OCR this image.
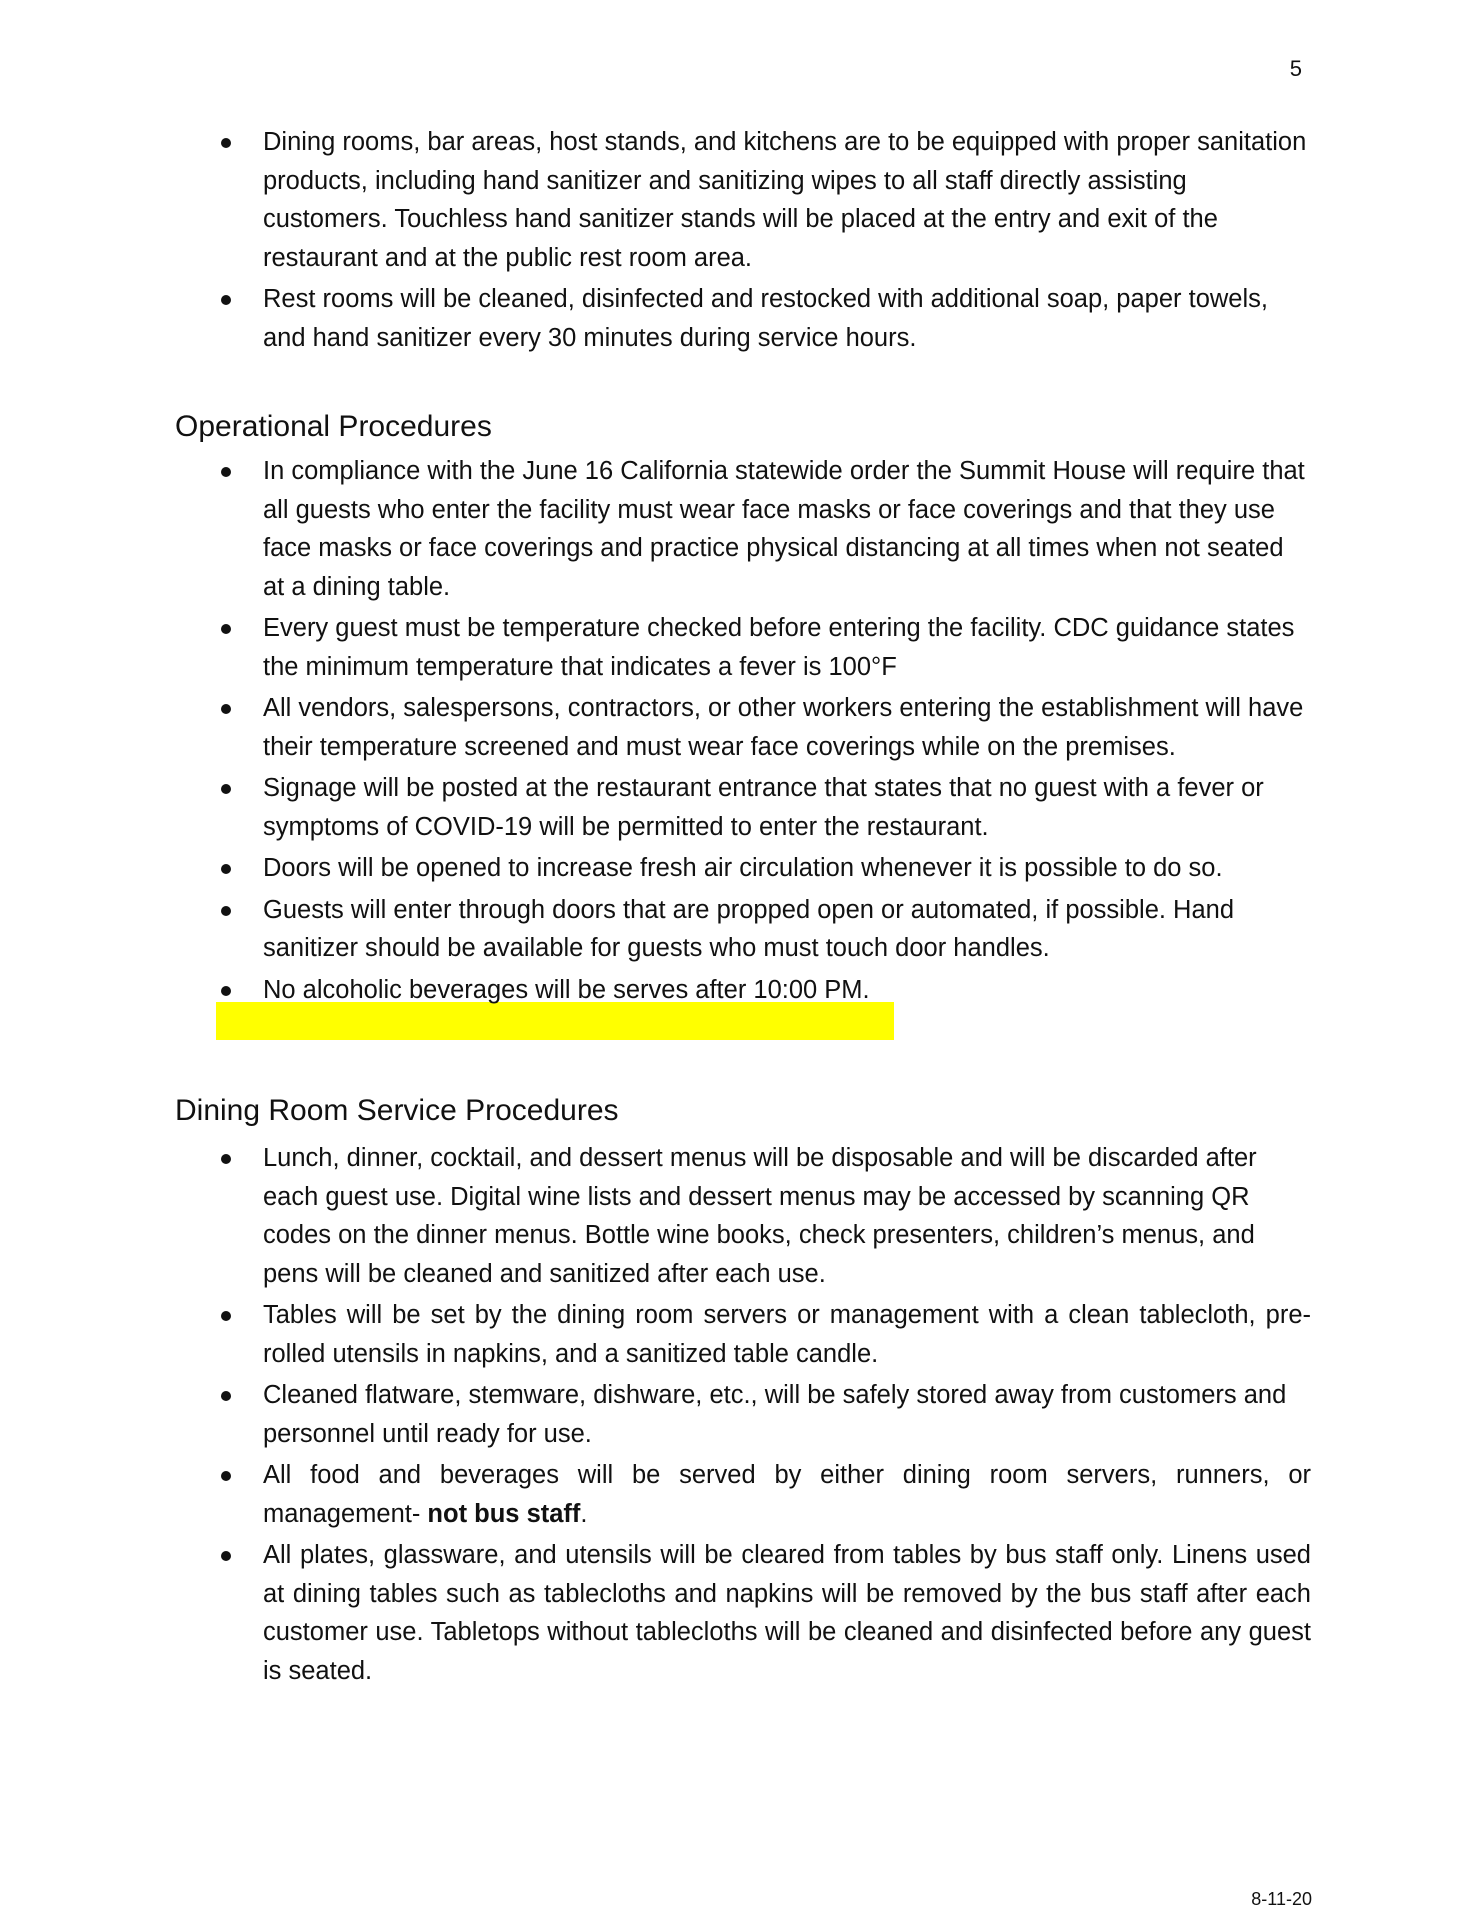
5
Dining rooms, bar areas, host stands, and kitchens are to be equipped with proper sanitation products, including hand sanitizer and sanitizing wipes to all staff directly assisting customers. Touchless hand sanitizer stands will be placed at the entry and exit of the restaurant and at the public rest room area.
Rest rooms will be cleaned, disinfected and restocked with additional soap, paper towels, and hand sanitizer every 30 minutes during service hours.
Operational Procedures
In compliance with the June 16 California statewide order the Summit House will require that all guests who enter the facility must wear face masks or face coverings and that they use face masks or face coverings and practice physical distancing at all times when not seated at a dining table.
Every guest must be temperature checked before entering the facility. CDC guidance states the minimum temperature that indicates a fever is 100°F
All vendors, salespersons, contractors, or other workers entering the establishment will have their temperature screened and must wear face coverings while on the premises.
Signage will be posted at the restaurant entrance that states that no guest with a fever or symptoms of COVID-19 will be permitted to enter the restaurant.
Doors will be opened to increase fresh air circulation whenever it is possible to do so.
Guests will enter through doors that are propped open or automated, if possible. Hand sanitizer should be available for guests who must touch door handles.
No alcoholic beverages will be serves after 10:00 PM.
Dining Room Service Procedures
Lunch, dinner, cocktail, and dessert menus will be disposable and will be discarded after each guest use. Digital wine lists and dessert menus may be accessed by scanning QR codes on the dinner menus. Bottle wine books, check presenters, children’s menus, and pens will be cleaned and sanitized after each use.
Tables will be set by the dining room servers or management with a clean tablecloth, pre-rolled utensils in napkins, and a sanitized table candle.
Cleaned flatware, stemware, dishware, etc., will be safely stored away from customers and personnel until ready for use.
All food and beverages will be served by either dining room servers, runners, or management- not bus staff.
All plates, glassware, and utensils will be cleared from tables by bus staff only. Linens used at dining tables such as tablecloths and napkins will be removed by the bus staff after each customer use. Tabletops without tablecloths will be cleaned and disinfected before any guest is seated.
8-11-20
